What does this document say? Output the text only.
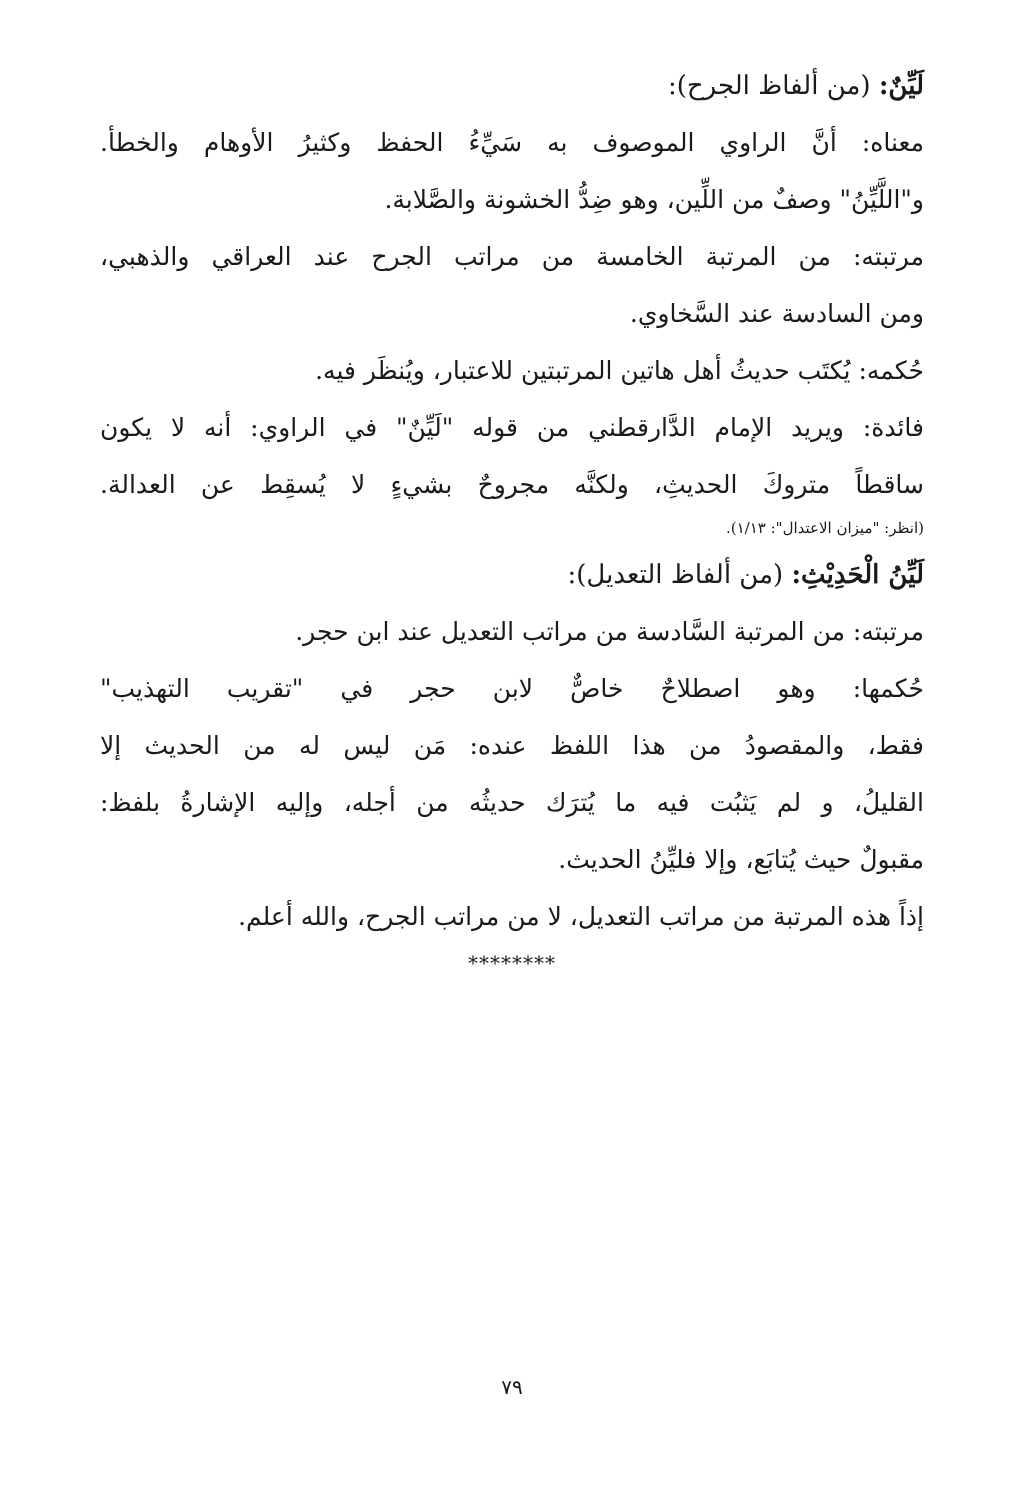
لَيِّنٌ: (من ألفاظ الجرح):
معناه: أنَّ الراوي الموصوف به سَيِّءُ الحفظ وكثيرُ الأوهام والخطأ.
و"اللَّيِّنُ" وصفٌ من اللِّين، وهو ضِدُّ الخشونة والصَّلابة.
مرتبته: من المرتبة الخامسة من مراتب الجرح عند العراقي والذهبي،
ومن السادسة عند السَّخاوي.
حُكمه: يُكتَب حديثُ أهل هاتين المرتبتين للاعتبار، ويُنظَر فيه.
فائدة: ويريد الإمام الدَّارقطني من قوله "لَيِّنٌ" في الراوي: أنه لا يكون
ساقطاً متروكَ الحديثِ، ولكنَّه مجروحٌ بشيءٍ لا يُسقِط عن العدالة.
(انظر: "ميزان الاعتدال": ١/١٣).
لَيِّنُ الْحَدِيْثِ: (من ألفاظ التعديل):
مرتبته: من المرتبة السَّادسة من مراتب التعديل عند ابن حجر.
حُكمها: وهو اصطلاحٌ خاصٌّ لابن حجر في "تقريب التهذيب"
فقط، والمقصودُ من هذا اللفظ عنده: مَن ليس له من الحديث إلا
القليلُ، و لم يَثبُت فيه ما يُترَك حديثُه من أجله، وإليه الإشارةُ بلفظ:
مقبولٌ حيث يُتابَع، وإلا فليِّنُ الحديث.
إذاً هذه المرتبة من مراتب التعديل، لا من مراتب الجرح، والله أعلم.
********
٧٩
